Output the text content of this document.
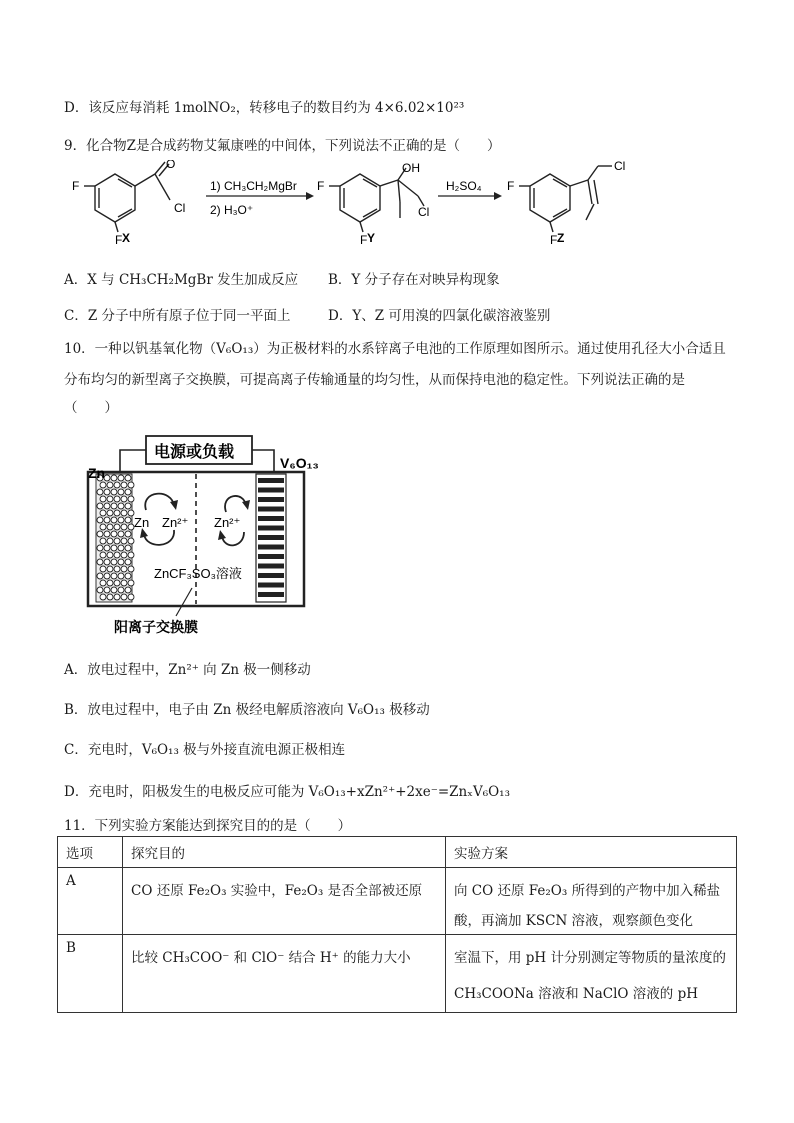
D．该反应每消耗 1molNO₂，转移电子的数目约为 4×6.02×10²³
9．化合物Z是合成药物艾氟康唑的中间体，下列说法不正确的是（　　）
F
F
O
Cl
X
1) CH₃CH₂MgBr
2) H₃O⁺
F
F
OH
Cl
Y
H₂SO₄ F
F
Cl
Z
A．X 与 CH₃CH₂MgBr 发生加成反应 B．Y 分子存在对映异构现象
C．Z 分子中所有原子位于同一平面上	D．Y、Z 可用溴的四氯化碳溶液鉴别
10．一种以钒基氧化物（V₆O₁₃）为正极材料的水系锌离子电池的工作原理如图所示。通过使用孔径大小合适且
分布均匀的新型离子交换膜，可提高离子传输通量的均匀性，从而保持电池的稳定性。下列说法正确的是
（　　）
电源或负载
Zn
V₆O₁₃
Zn Zn²⁺ Zn²⁺
ZnCF₃SO₃溶液
阳离子交换膜
A．放电过程中，Zn²⁺ 向 Zn 极一侧移动
B．放电过程中，电子由 Zn 极经电解质溶液向 V₆O₁₃ 极移动
C．充电时，V₆O₁₃ 极与外接直流电源正极相连
D．充电时，阳极发生的电极反应可能为 V₆O₁₃+xZn²⁺+2xe⁻=ZnₓV₆O₁₃
11．下列实验方案能达到探究目的的是（　　）
选项	探究目的	实验方案
A	CO 还原 Fe₂O₃ 实验中，Fe₂O₃ 是否全部被还原	向 CO 还原 Fe₂O₃ 所得到的产物中加入稀盐
酸，再滴加 KSCN 溶液，观察颜色变化

B	比较 CH₃COO⁻ 和 ClO⁻ 结合 H⁺ 的能力大小	室温下，用 pH 计分别测定等物质的量浓度的
CH₃COONa 溶液和 NaClO 溶液的 pH
